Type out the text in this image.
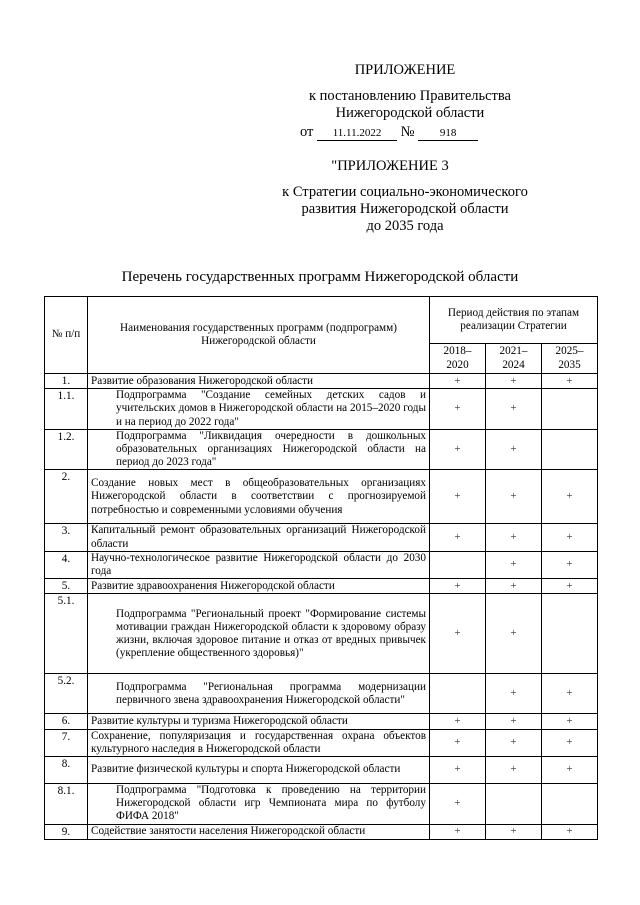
ПРИЛОЖЕНИЕ
к постановлению Правительства
Нижегородской области
от 11.11.2022 № 918
"ПРИЛОЖЕНИЕ 3
к Стратегии социально-экономического
развития Нижегородской области
до 2035 года
Перечень государственных программ Нижегородской области
№ п/п	Наименования государственных программ (подпрограмм) Нижегородской области	Период действия по этапам реализации Стратегии		
		2018–2020	2021–2024	2025–2035
1.	Развитие образования Нижегородской области	+	+	+
1.1.	Подпрограмма "Создание семейных детских садов и учительских домов в Нижегородской области на 2015–2020 годы и на период до 2022 года"	+	+	
1.2.	Подпрограмма "Ликвидация очередности в дошкольных образовательных организациях Нижегородской области на период до 2023 года"	+	+	
2.	Создание новых мест в общеобразовательных организациях Нижегородской области в соответствии с прогнозируемой потребностью и современными условиями обучения	+	+	+
3.	Капитальный ремонт образовательных организаций Нижегородской области	+	+	+
4.	Научно-технологическое развитие Нижегородской области до 2030 года		+	+
5.	Развитие здравоохранения Нижегородской области	+	+	+
5.1.	Подпрограмма "Региональный проект "Формирование системы мотивации граждан Нижегородской области к здоровому образу жизни, включая здоровое питание и отказ от вредных привычек (укрепление общественного здоровья)"	+	+	
5.2.	Подпрограмма "Региональная программа модернизации первичного звена здравоохранения Нижегородской области"		+	+
6.	Развитие культуры и туризма Нижегородской области	+	+	+
7.	Сохранение, популяризация и государственная охрана объектов культурного наследия в Нижегородской области	+	+	+
8.	Развитие физической культуры и спорта Нижегородской области	+	+	+
8.1.	Подпрограмма "Подготовка к проведению на территории Нижегородской области игр Чемпионата мира по футболу ФИФА 2018"	+		
9.	Содействие занятости населения Нижегородской области	+	+	+
